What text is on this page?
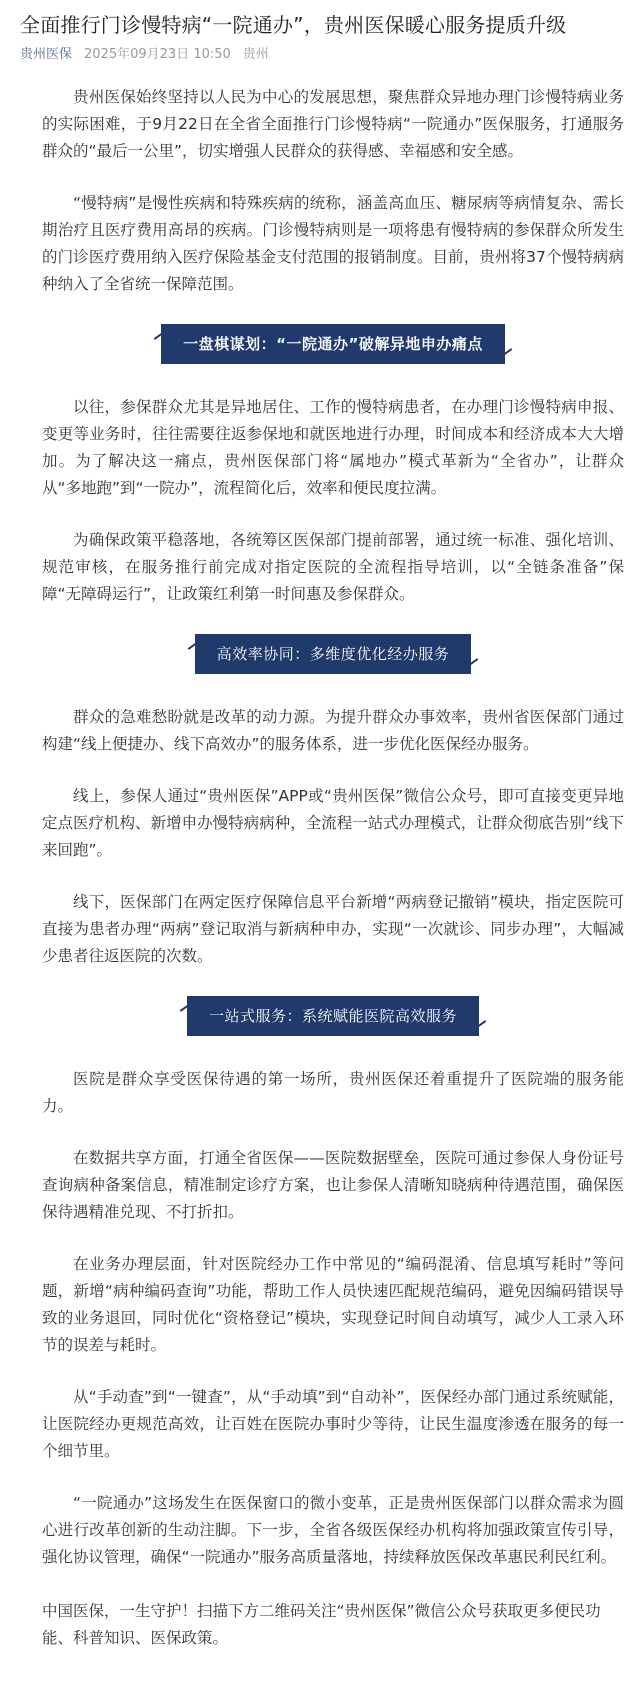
全面推行门诊慢特病“一院通办”，贵州医保暖心服务提质升级
贵州医保 2025年09月23日 10:50 贵州

贵州医保始终坚持以人民为中心的发展思想，聚焦群众异地办理门诊慢特病业务的实际困难，于9月22日在全省全面推行门诊慢特病“一院通办”医保服务，打通服务群众的“最后一公里”，切实增强人民群众的获得感、幸福感和安全感。

“慢特病”是慢性疾病和特殊疾病的统称，涵盖高血压、糖尿病等病情复杂、需长期治疗且医疗费用高昂的疾病。门诊慢特病则是一项将患有慢特病的参保群众所发生的门诊医疗费用纳入医疗保险基金支付范围的报销制度。目前，贵州将37个慢特病病种纳入了全省统一保障范围。

一盘棋谋划：“一院通办”破解异地申办痛点

以往，参保群众尤其是异地居住、工作的慢特病患者，在办理门诊慢特病申报、变更等业务时，往往需要往返参保地和就医地进行办理，时间成本和经济成本大大增加。为了解决这一痛点，贵州医保部门将“属地办”模式革新为“全省办”，让群众从“多地跑”到“一院办”，流程简化后，效率和便民度拉满。

为确保政策平稳落地，各统筹区医保部门提前部署，通过统一标准、强化培训、规范审核，在服务推行前完成对指定医院的全流程指导培训，以“全链条准备”保障“无障碍运行”，让政策红利第一时间惠及参保群众。

高效率协同：多维度优化经办服务

群众的急难愁盼就是改革的动力源。为提升群众办事效率，贵州省医保部门通过构建“线上便捷办、线下高效办”的服务体系，进一步优化医保经办服务。

线上，参保人通过“贵州医保”APP或“贵州医保”微信公众号，即可直接变更异地定点医疗机构、新增申办慢特病病种，全流程一站式办理模式，让群众彻底告别“线下来回跑”。

线下，医保部门在两定医疗保障信息平台新增“两病登记撤销”模块，指定医院可直接为患者办理“两病”登记取消与新病种申办，实现“一次就诊、同步办理”，大幅减少患者往返医院的次数。

一站式服务：系统赋能医院高效服务

医院是群众享受医保待遇的第一场所，贵州医保还着重提升了医院端的服务能力。

在数据共享方面，打通全省医保——医院数据壁垒，医院可通过参保人身份证号查询病种备案信息，精准制定诊疗方案，也让参保人清晰知晓病种待遇范围，确保医保待遇精准兑现、不打折扣。

在业务办理层面，针对医院经办工作中常见的“编码混淆、信息填写耗时”等问题，新增“病种编码查询”功能，帮助工作人员快速匹配规范编码，避免因编码错误导致的业务退回，同时优化“资格登记”模块，实现登记时间自动填写，减少人工录入环节的误差与耗时。

从“手动查”到“一键查”，从“手动填”到“自动补”，医保经办部门通过系统赋能，让医院经办更规范高效，让百姓在医院办事时少等待，让民生温度渗透在服务的每一个细节里。

“一院通办”这场发生在医保窗口的微小变革，正是贵州医保部门以群众需求为圆心进行改革创新的生动注脚。下一步，全省各级医保经办机构将加强政策宣传引导，强化协议管理，确保“一院通办”服务高质量落地，持续释放医保改革惠民利民红利。

中国医保，一生守护！扫描下方二维码关注“贵州医保”微信公众号获取更多便民功能、科普知识、医保政策。
